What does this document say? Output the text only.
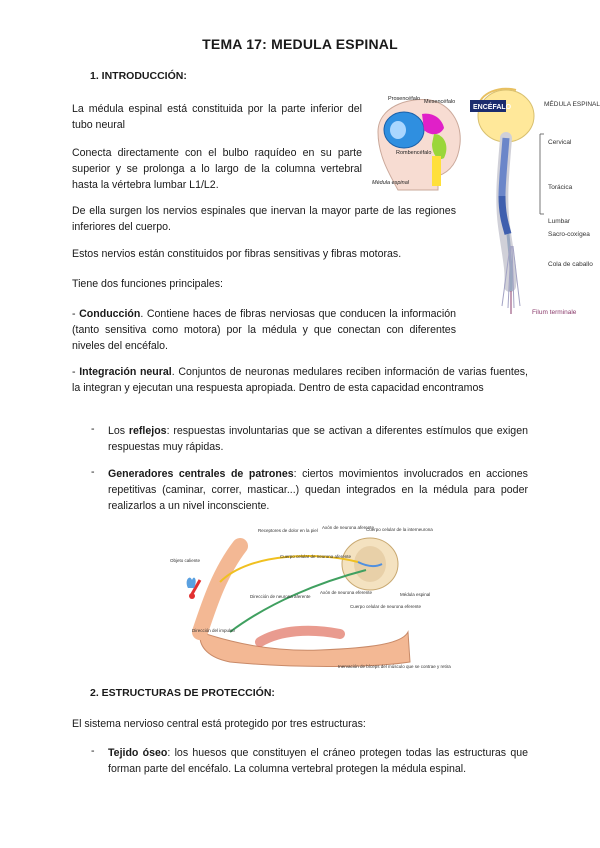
TEMA 17: MEDULA ESPINAL
1. INTRODUCCIÓN:

La médula espinal está constituida por la parte inferior del tubo neural

Conecta directamente con el bulbo raquídeo en su parte superior y se prolonga a lo largo de la columna vertebral hasta la vértebra lumbar L1/L2.

De ella surgen los nervios espinales que inervan la mayor parte de las regiones inferiores del cuerpo.

Estos nervios están constituidos por fibras sensitivas y fibras motoras.

Tiene dos funciones principales:

- Conducción. Contiene haces de fibras nerviosas que conducen la información (tanto sensitiva como motora) por la médula y que conectan con diferentes niveles del encéfalo.

- Integración neural. Conjuntos de neuronas medulares reciben información de varias fuentes, la integran y ejecutan una respuesta apropiada. Dentro de esta capacidad encontramos

- Los reflejos: respuestas involuntarias que se activan a diferentes estímulos que exigen respuestas muy rápidas.
- Generadores centrales de patrones: ciertos movimientos involucrados en acciones repetitivas (caminar, correr, masticar...) quedan integrados en la médula para poder realizarlos a un nivel inconsciente.
Prosencéfalo Mesencéfalo
Rombencéfalo
Médula espinal
ENCÉFALO	MÉDULA ESPINAL
Cervical
Torácica
Lumbar
Sacro-coxígea
Cola de caballo
Filum terminale
Receptores de dolor en la piel
Axón de neurona aferente
Cuerpo celular de la interneurona
Cuerpo celular de neurona aferente
Objeto caliente
Axón de neurona eferente
Dirección de neurona aferente
Cuerpo celular de neurona eferente
Médula espinal
Dirección del impulso
Inervación de bíceps del músculo que se contrae y retira
2. ESTRUCTURAS DE PROTECCIÓN:

El sistema nervioso central está protegido por tres estructuras:

- Tejido óseo: los huesos que constituyen el cráneo protegen todas las estructuras que forman parte del encéfalo. La columna vertebral protegen la médula espinal.
